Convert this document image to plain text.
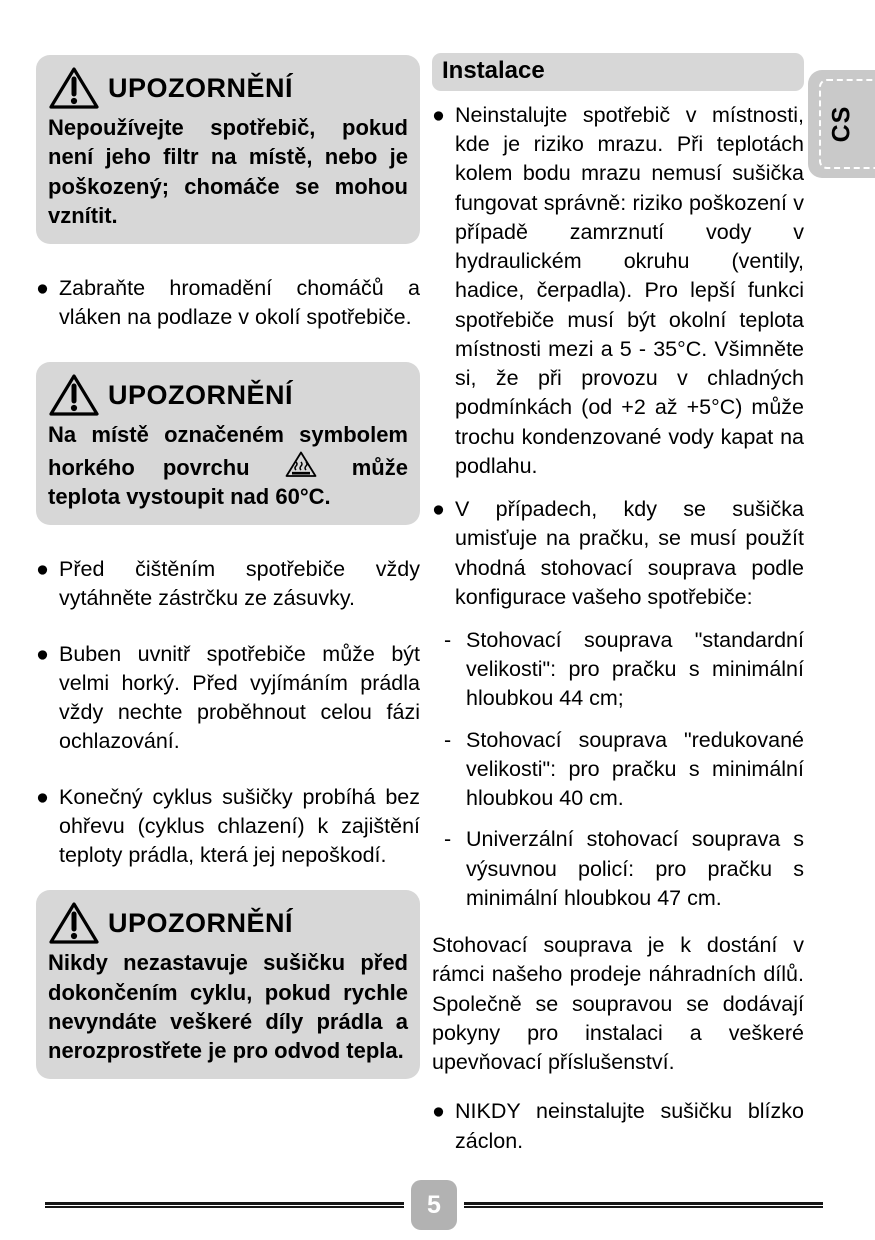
UPOZORNĚNÍ
Nepoužívejte spotřebič, pokud není jeho filtr na místě, nebo je poškozený; chomáče se mohou vznítit.
● Zabraňte hromadění chomáčů a vláken na podlaze v okolí spotřebiče.
UPOZORNĚNÍ
Na místě označeném symbolem horkého povrchu	může teplota vystoupit nad 60°C.
● Před čištěním spotřebiče vždy vytáhněte zástrčku ze zásuvky.
● Buben uvnitř spotřebiče může být velmi horký. Před vyjímáním prádla vždy nechte proběhnout celou fázi ochlazování.
● Konečný cyklus sušičky probíhá bez ohřevu (cyklus chlazení) k zajištění teploty prádla, která jej nepoškodí.
UPOZORNĚNÍ
Nikdy nezastavuje sušičku před dokončením cyklu, pokud rychle nevyndáte veškeré díly prádla a nerozprostřete je pro odvod tepla.
Instalace
● Neinstalujte spotřebič v místnosti, kde je riziko mrazu. Při teplotách kolem bodu mrazu nemusí sušička fungovat správně: riziko poškození v případě zamrznutí vody v hydraulickém okruhu (ventily, hadice, čerpadla). Pro lepší funkci spotřebiče musí být okolní teplota místnosti mezi a 5 - 35°C. Všimněte si, že při provozu v chladných podmínkách (od +2 až +5°C) může trochu kondenzované vody kapat na podlahu.
● V případech, kdy se sušička umisťuje na pračku, se musí použít vhodná stohovací souprava podle konfigurace vašeho spotřebiče:
- Stohovací souprava "standardní velikosti": pro pračku s minimální hloubkou 44 cm;
- Stohovací souprava "redukované velikosti": pro pračku s minimální hloubkou 40 cm.
- Univerzální stohovací souprava s výsuvnou policí: pro pračku s minimální hloubkou 47 cm.
Stohovací souprava je k dostání v rámci našeho prodeje náhradních dílů. Společně se soupravou se dodávají pokyny pro instalaci a veškeré upevňovací příslušenství.
● NIKDY neinstalujte sušičku blízko záclon.
CS
5
